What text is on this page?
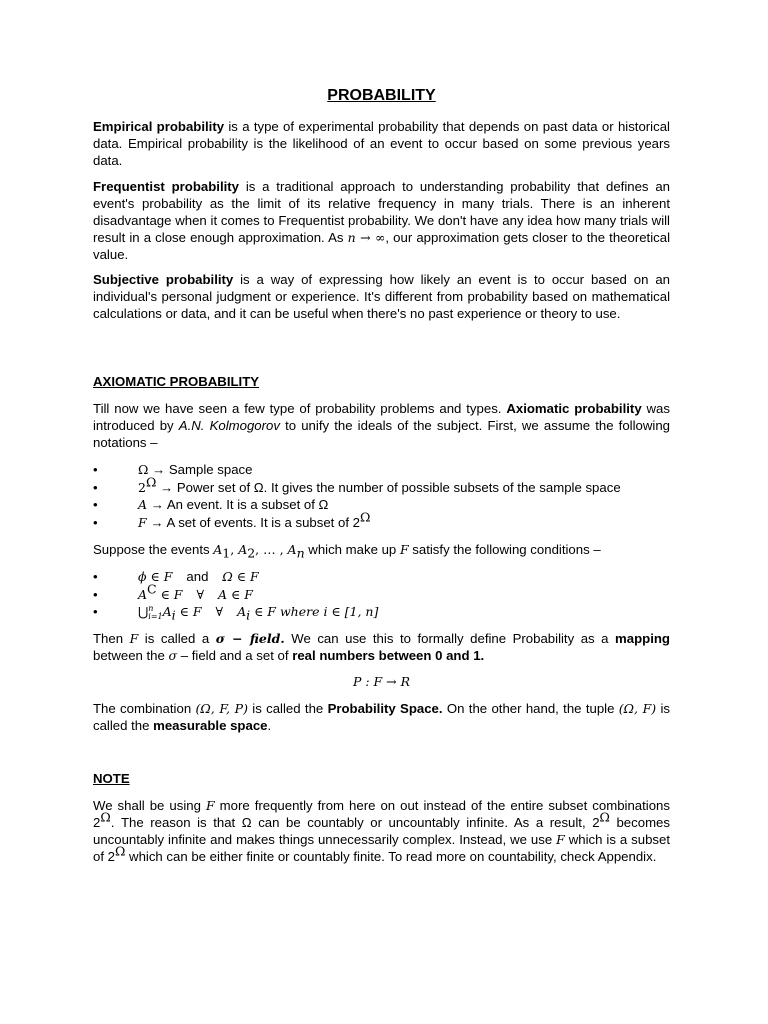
PROBABILITY

Empirical probability is a type of experimental probability that depends on past data or historical data. Empirical probability is the likelihood of an event to occur based on some previous years data.

Frequentist probability is a traditional approach to understanding probability that defines an event's probability as the limit of its relative frequency in many trials. There is an inherent disadvantage when it comes to Frequentist probability. We don't have any idea how many trials will result in a close enough approximation. As n → ∞, our approximation gets closer to the theoretical value.

Subjective probability is a way of expressing how likely an event is to occur based on an individual's personal judgment or experience. It's different from probability based on mathematical calculations or data, and it can be useful when there's no past experience or theory to use.

AXIOMATIC PROBABILITY

Till now we have seen a few type of probability problems and types. Axiomatic probability was introduced by A.N. Kolmogorov to unify the ideals of the subject. First, we assume the following notations –

• Ω → Sample space
• $2^\Omega$ → Power set of Ω. It gives the number of possible subsets of the sample space
• A → An event. It is a subset of Ω
• F → A set of events. It is a subset of $2^\Omega$

Suppose the events $A_1$, $A_2$, … , $A_n$ which make up F satisfy the following conditions –

• ϕ ∈ F and Ω ∈ F
• $A^C$ ∈ F ∀ A ∈ F
• ⋃ n
i=1 $A_i$ ∈ F ∀ $A_i$ ∈ F where i ∈ [1, n]

Then F is called a σ − field. We can use this to formally define Probability as a mapping between the σ – field and a set of real numbers between 0 and 1.

P : F → R

The combination (Ω, F, P) is called the Probability Space. On the other hand, the tuple (Ω, F) is called the measurable space.

NOTE

We shall be using F more frequently from here on out instead of the entire subset combinations $2^\Omega$. The reason is that Ω can be countably or uncountably infinite. As a result, $2^\Omega$ becomes uncountably infinite and makes things unnecessarily complex. Instead, we use F which is a subset of $2^\Omega$ which can be either finite or countably finite. To read more on countability, check Appendix.
